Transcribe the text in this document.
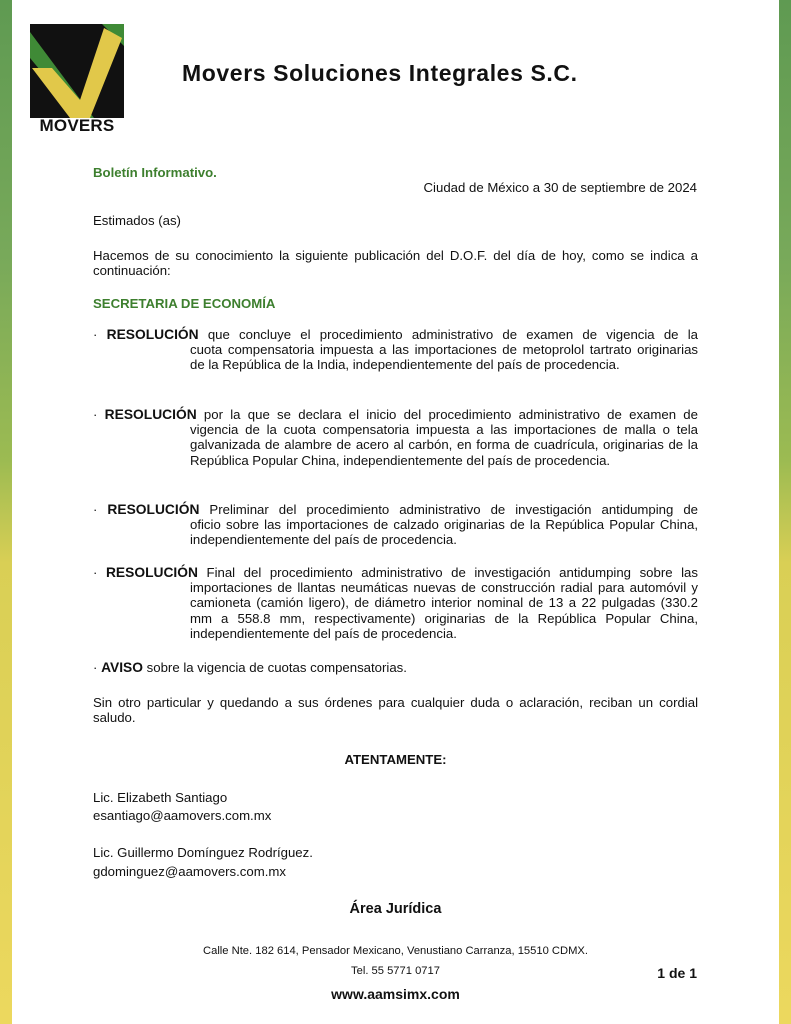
MOVERS
Movers Soluciones Integrales S.C.
Boletín Informativo.
Ciudad de México a 30 de septiembre de 2024
Estimados (as)
Hacemos de su conocimiento la siguiente publicación del D.O.F. del día de hoy, como se indica a continuación:
SECRETARIA DE ECONOMÍA
· RESOLUCIÓN que concluye el procedimiento administrativo de examen de vigencia de la
cuota compensatoria impuesta a las importaciones de metoprolol tartrato originarias de la República de la India, independientemente del país de procedencia.
· RESOLUCIÓN por la que se declara el inicio del procedimiento administrativo de examen de
vigencia de la cuota compensatoria impuesta a las importaciones de malla o tela galvanizada de alambre de acero al carbón, en forma de cuadrícula, originarias de la República Popular China, independientemente del país de procedencia.
· RESOLUCIÓN Preliminar del procedimiento administrativo de investigación antidumping de
oficio sobre las importaciones de calzado originarias de la República Popular China, independientemente del país de procedencia.
· RESOLUCIÓN Final del procedimiento administrativo de investigación antidumping sobre las
importaciones de llantas neumáticas nuevas de construcción radial para automóvil y camioneta (camión ligero), de diámetro interior nominal de 13 a 22 pulgadas (330.2 mm a 558.8 mm, respectivamente) originarias de la República Popular China, independientemente del país de procedencia.
· AVISO sobre la vigencia de cuotas compensatorias.
Sin otro particular y quedando a sus órdenes para cualquier duda o aclaración, reciban un cordial saludo.
ATENTAMENTE:
Lic. Elizabeth Santiago
esantiago@aamovers.com.mx
Lic. Guillermo Domínguez Rodríguez.
gdominguez@aamovers.com.mx
Área Jurídica
Calle Nte. 182 614, Pensador Mexicano, Venustiano Carranza, 15510 CDMX.
Tel. 55 5771 0717	1 de 1
www.aamsimx.com
